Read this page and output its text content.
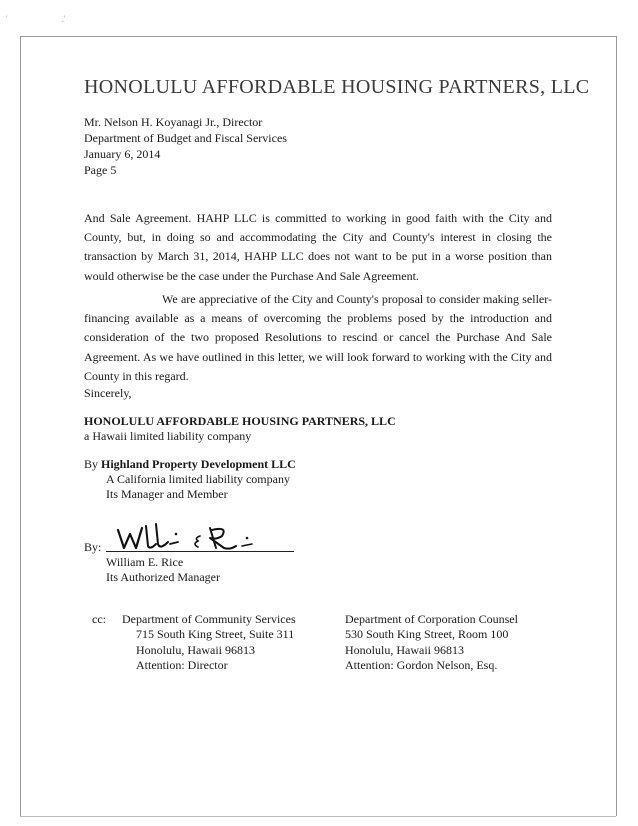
'                        .'
HONOLULU AFFORDABLE HOUSING PARTNERS, LLC
Mr. Nelson H. Koyanagi Jr., Director
Department of Budget and Fiscal Services
January 6, 2014
Page 5
And Sale Agreement. HAHP LLC is committed to working in good faith with the City and County, but, in doing so and accommodating the City and County's interest in closing the transaction by March 31, 2014, HAHP LLC does not want to be put in a worse position than would otherwise be the case under the Purchase And Sale Agreement.
We are appreciative of the City and County's proposal to consider making seller-financing available as a means of overcoming the problems posed by the introduction and consideration of the two proposed Resolutions to rescind or cancel the Purchase And Sale Agreement. As we have outlined in this letter, we will look forward to working with the City and County in this regard.
Sincerely,
HONOLULU AFFORDABLE HOUSING PARTNERS, LLC
a Hawaii limited liability company
By Highland Property Development LLC
A California limited liability company
Its Manager and Member
By:
William E. Rice
Its Authorized Manager
cc: Department of Community Services
715 South King Street, Suite 311
Honolulu, Hawaii 96813
Attention: Director
Department of Corporation Counsel
530 South King Street, Room 100
Honolulu, Hawaii 96813
Attention: Gordon Nelson, Esq.
